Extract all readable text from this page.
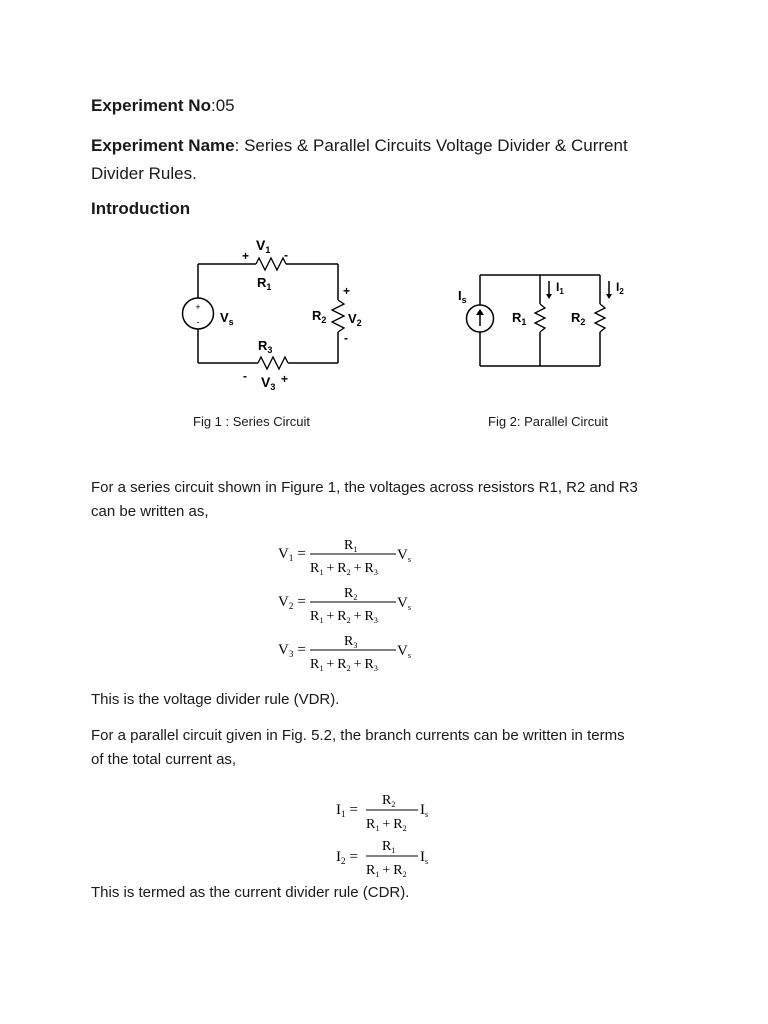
Experiment No:05
Experiment Name: Series & Parallel Circuits Voltage Divider & Current
Divider Rules.
Introduction
+
-
$V_1$
+	-
$R_1$
$V_s$	$R_2$ $V_2$
+
-
$R_3$
- $V_3$
+
Fig 1 : Series Circuit
$I_s$
$I_1$	$I_2$
$R_1$	$R_2$
Fig 2: Parallel Circuit
For a series circuit shown in Figure 1, the voltages across resistors R1, R2 and R3
can be written as,
$V_1$ =
$R_1$
$R_1 + R_2 + R_3$
$V_s$
$V_2$ =
$R_2$
$R_1 + R_2 + R_3$
$V_s$
$V_3$ =
$R_3$
$R_1 + R_2 + R_3$
$V_s$
This is the voltage divider rule (VDR).
For a parallel circuit given in Fig. 5.2, the branch currents can be written in terms
of the total current as,
$I_1$ =
$R_2$
$R_1 + R_2$
$I_s$
$I_2$ =
$R_1$
$R_1 + R_2$
$I_s$
This is termed as the current divider rule (CDR).
